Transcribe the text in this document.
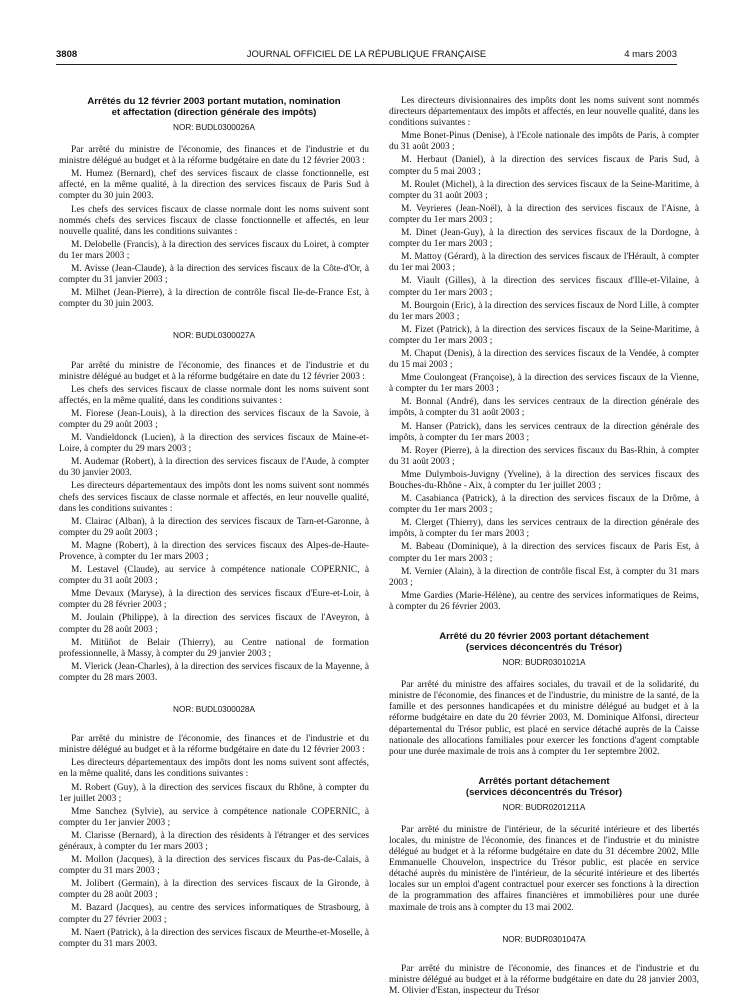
3808	JOURNAL OFFICIEL DE LA RÉPUBLIQUE FRANÇAISE	4 mars 2003
Arrêtés du 12 février 2003 portant mutation, nomination
et affectation (direction générale des impôts)
NOR: BUDL0300026A

Par arrêté du ministre de l'économie, des finances et de l'industrie et du ministre délégué au budget et à la réforme budgétaire en date du 12 février 2003 :

M. Humez (Bernard), chef des services fiscaux de classe fonctionnelle, est affecté, en la même qualité, à la direction des services fiscaux de Paris Sud à compter du 30 juin 2003.

Les chefs des services fiscaux de classe normale dont les noms suivent sont nommés chefs des services fiscaux de classe fonctionnelle et affectés, en leur nouvelle qualité, dans les conditions suivantes :

M. Delobelle (Francis), à la direction des services fiscaux du Loiret, à compter du 1er mars 2003 ;

M. Avisse (Jean-Claude), à la direction des services fiscaux de la Côte-d'Or, à compter du 31 janvier 2003 ;

M. Milhet (Jean-Pierre), à la direction de contrôle fiscal Ile-de-France Est, à compter du 30 juin 2003.

NOR: BUDL0300027A

Par arrêté du ministre de l'économie, des finances et de l'industrie et du ministre délégué au budget et à la réforme budgétaire en date du 12 février 2003 :

Les chefs des services fiscaux de classe normale dont les noms suivent sont affectés, en la même qualité, dans les conditions suivantes :

M. Fiorese (Jean-Louis), à la direction des services fiscaux de la Savoie, à compter du 29 août 2003 ;

M. Vandieldonck (Lucien), à la direction des services fiscaux de Maine-et-Loire, à compter du 29 mars 2003 ;

M. Audemar (Robert), à la direction des services fiscaux de l'Aude, à compter du 30 janvier 2003.

Les directeurs départementaux des impôts dont les noms suivent sont nommés chefs des services fiscaux de classe normale et affectés, en leur nouvelle qualité, dans les conditions suivantes :

M. Clairac (Alban), à la direction des services fiscaux de Tarn-et-Garonne, à compter du 29 août 2003 ;

M. Magne (Robert), à la direction des services fiscaux des Alpes-de-Haute-Provence, à compter du 1er mars 2003 ;

M. Lestavel (Claude), au service à compétence nationale COPERNIC, à compter du 31 août 2003 ;

Mme Devaux (Maryse), à la direction des services fiscaux d'Eure-et-Loir, à compter du 28 février 2003 ;

M. Joulain (Philippe), à la direction des services fiscaux de l'Aveyron, à compter du 28 août 2003 ;

M. Mitüñot de Belair (Thierry), au Centre national de formation professionnelle, à Massy, à compter du 29 janvier 2003 ;

M. Vlerick (Jean-Charles), à la direction des services fiscaux de la Mayenne, à compter du 28 mars 2003.

NOR: BUDL0300028A

Par arrêté du ministre de l'économie, des finances et de l'industrie et du ministre délégué au budget et à la réforme budgétaire en date du 12 février 2003 :

Les directeurs départementaux des impôts dont les noms suivent sont affectés, en la même qualité, dans les conditions suivantes :

M. Robert (Guy), à la direction des services fiscaux du Rhône, à compter du 1er juillet 2003 ;

Mme Sanchez (Sylvie), au service à compétence nationale COPERNIC, à compter du 1er janvier 2003 ;

M. Clarisse (Bernard), à la direction des résidents à l'étranger et des services généraux, à compter du 1er mars 2003 ;

M. Mollon (Jacques), à la direction des services fiscaux du Pas-de-Calais, à compter du 31 mars 2003 ;

M. Jolibert (Germain), à la direction des services fiscaux de la Gironde, à compter du 28 août 2003 ;

M. Bazard (Jacques), au centre des services informatiques de Strasbourg, à compter du 27 février 2003 ;

M. Naert (Patrick), à la direction des services fiscaux de Meurthe-et-Moselle, à compter du 31 mars 2003.

Les directeurs divisionnaires des impôts dont les noms suivent sont nommés directeurs départementaux des impôts et affectés, en leur nouvelle qualité, dans les conditions suivantes :

Mme Bonet-Pinus (Denise), à l'Ecole nationale des impôts de Paris, à compter du 31 août 2003 ;

M. Herbaut (Daniel), à la direction des services fiscaux de Paris Sud, à compter du 5 mai 2003 ;

M. Roulet (Michel), à la direction des services fiscaux de la Seine-Maritime, à compter du 31 août 2003 ;

M. Veyrieres (Jean-Noël), à la direction des services fiscaux de l'Aisne, à compter du 1er mars 2003 ;

M. Dinet (Jean-Guy), à la direction des services fiscaux de la Dordogne, à compter du 1er mars 2003 ;

M. Mattoy (Gérard), à la direction des services fiscaux de l'Hérault, à compter du 1er mai 2003 ;

M. Viault (Gilles), à la direction des services fiscaux d'Ille-et-Vilaine, à compter du 1er mars 2003 ;

M. Bourgoin (Eric), à la direction des services fiscaux de Nord Lille, à compter du 1er mars 2003 ;

M. Fizet (Patrick), à la direction des services fiscaux de la Seine-Maritime, à compter du 1er mars 2003 ;

M. Chaput (Denis), à la direction des services fiscaux de la Vendée, à compter du 15 mai 2003 ;

Mme Coulongeat (Françoise), à la direction des services fiscaux de la Vienne, à compter du 1er mars 2003 ;

M. Bonnal (André), dans les services centraux de la direction générale des impôts, à compter du 31 août 2003 ;

M. Hanser (Patrick), dans les services centraux de la direction générale des impôts, à compter du 1er mars 2003 ;

M. Royer (Pierre), à la direction des services fiscaux du Bas-Rhin, à compter du 31 août 2003 ;

Mme Dulymbois-Juvigny (Yveline), à la direction des services fiscaux des Bouches-du-Rhône - Aix, à compter du 1er juillet 2003 ;

M. Casabianca (Patrick), à la direction des services fiscaux de la Drôme, à compter du 1er mars 2003 ;

M. Clerget (Thierry), dans les services centraux de la direction générale des impôts, à compter du 1er mars 2003 ;

M. Babeau (Dominique), à la direction des services fiscaux de Paris Est, à compter du 1er mars 2003 ;

M. Vernier (Alain), à la direction de contrôle fiscal Est, à compter du 31 mars 2003 ;

Mme Gardies (Marie-Hélène), au centre des services informatiques de Reims, à compter du 26 février 2003.

Arrêté du 20 février 2003 portant détachement
(services déconcentrés du Trésor)
NOR: BUDR0301021A

Par arrêté du ministre des affaires sociales, du travail et de la solidarité, du ministre de l'économie, des finances et de l'industrie, du ministre de la santé, de la famille et des personnes handicapées et du ministre délégué au budget et à la réforme budgétaire en date du 20 février 2003, M. Dominique Alfonsi, directeur départemental du Trésor public, est placé en service détaché auprès de la Caisse nationale des allocations familiales pour exercer les fonctions d'agent comptable pour une durée maximale de trois ans à compter du 1er septembre 2002.

Arrêtés portant détachement
(services déconcentrés du Trésor)
NOR: BUDR0201211A

Par arrêté du ministre de l'intérieur, de la sécurité intérieure et des libertés locales, du ministre de l'économie, des finances et de l'industrie et du ministre délégué au budget et à la réforme budgétaire en date du 31 décembre 2002, Mlle Emmanuelle Chouvelon, inspectrice du Trésor public, est placée en service détaché auprès du ministère de l'intérieur, de la sécurité intérieure et des libertés locales sur un emploi d'agent contractuel pour exercer ses fonctions à la direction de la programmation des affaires financières et immobilières pour une durée maximale de trois ans à compter du 13 mai 2002.

NOR: BUDR0301047A

Par arrêté du ministre de l'économie, des finances et de l'industrie et du ministre délégué au budget et à la réforme budgétaire en date du 28 janvier 2003, M. Olivier d'Estan, inspecteur du Trésor
